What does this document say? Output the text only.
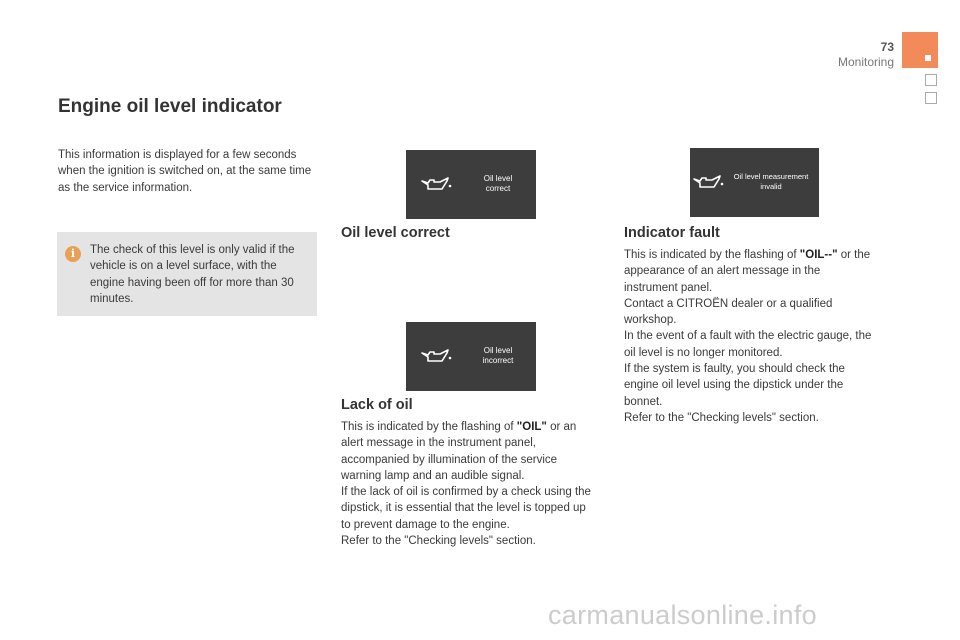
73
Monitoring
Engine oil level indicator

This information is displayed for a few seconds when the ignition is switched on, at the same time as the service information.

i	The check of this level is only valid if the vehicle is on a level surface, with the engine having been off for more than 30 minutes.

Oil level
correct
Oil level measurement
invalid
Oil level correct	Indicator fault
This is indicated by the flashing of "OIL--" or the appearance of an alert message in the instrument panel.
Contact a CITROËN dealer or a qualified workshop.
In the event of a fault with the electric gauge, the oil level is no longer monitored.
If the system is faulty, you should check the engine oil level using the dipstick under the bonnet.
Refer to the "Checking levels" section.
Oil level
incorrect
Lack of oil
This is indicated by the flashing of "OIL" or an alert message in the instrument panel, accompanied by illumination of the service warning lamp and an audible signal.
If the lack of oil is confirmed by a check using the dipstick, it is essential that the level is topped up to prevent damage to the engine.
Refer to the "Checking levels" section.
carmanualsonline.info
